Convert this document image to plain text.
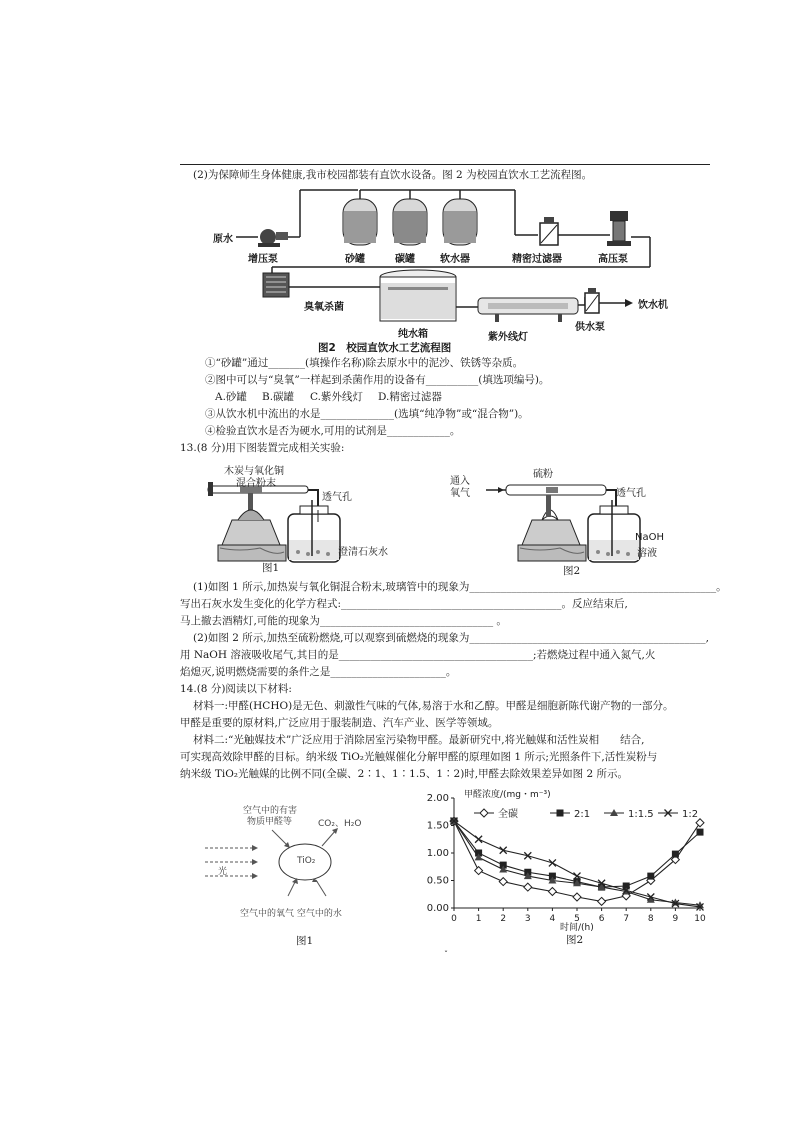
(2)为保障师生身体健康,我市校园都装有直饮水设备。图 2 为校园直饮水工艺流程图。
原水
增压泵	砂罐	碳罐	软水器	精密过滤器	高压泵
臭氧杀菌
纯水箱	紫外线灯
供水泵
饮水机
图2　校园直饮水工艺流程图
①“砂罐”通过_______(填操作名称)除去原水中的泥沙、铁锈等杂质。
②图中可以与“臭氧”一样起到杀菌作用的设备有__________(填选项编号)。
A.砂罐 B.碳罐 C.紫外线灯 D.精密过滤器
③从饮水机中流出的水是______________(选填“纯净物”或“混合物”)。
④检验直饮水是否为硬水,可用的试剂是____________。
13.(8 分)用下图装置完成相关实验:
木炭与氧化铜
混合粉末
透气孔
澄清石灰水
图1
通入
氧气
硫粉
透气孔
NaOH
溶液
图2
(1)如图 1 所示,加热炭与氧化铜混合粉末,玻璃管中的现象为_______________________________________________。
写出石灰水发生变化的化学方程式:__________________________________________。反应结束后,
马上撤去酒精灯,可能的现象为_________________________________ 。
(2)如图 2 所示,加热至硫粉燃烧,可以观察到硫燃烧的现象为_____________________________________________,
用 NaOH 溶液吸收尾气,其目的是_____________________________________;若燃烧过程中通入氮气,火
焰熄灭,说明燃烧需要的条件之是______________________。
14.(8 分)阅读以下材料:
材料一:甲醛(HCHO)是无色、刺激性气味的气体,易溶于水和乙醇。甲醛是细胞新陈代谢产物的一部分。
甲醛是重要的原材料,广泛应用于服装制造、汽车产业、医学等领域。
材料二:“光触媒技术”广泛应用于消除居室污染物甲醛。最新研究中,将光触媒和活性炭相　　结合,
可实现高效除甲醛的目标。纳米级 TiO₂光触媒催化分解甲醛的原理如图 1 所示;光照条件下,活性炭粉与
纳米级 TiO₂光触媒的比例不同(全碳、2∶1、1∶1.5、1∶2)时,甲醛去除效果差异如图 2 所示。
空气中的有害
物质甲醛等	CO₂、H₂O
TiO₂
光
空气中的氧气 空气中的水
图1
0.00
0.50
1.00
1.50
2.00
0 1 2 3 4 5 6 7 8 9 10
全碳	2:1	1:1.5	1:2
甲醛浓度/(mg・m⁻³)
时间/(h)
图2
ˇ
